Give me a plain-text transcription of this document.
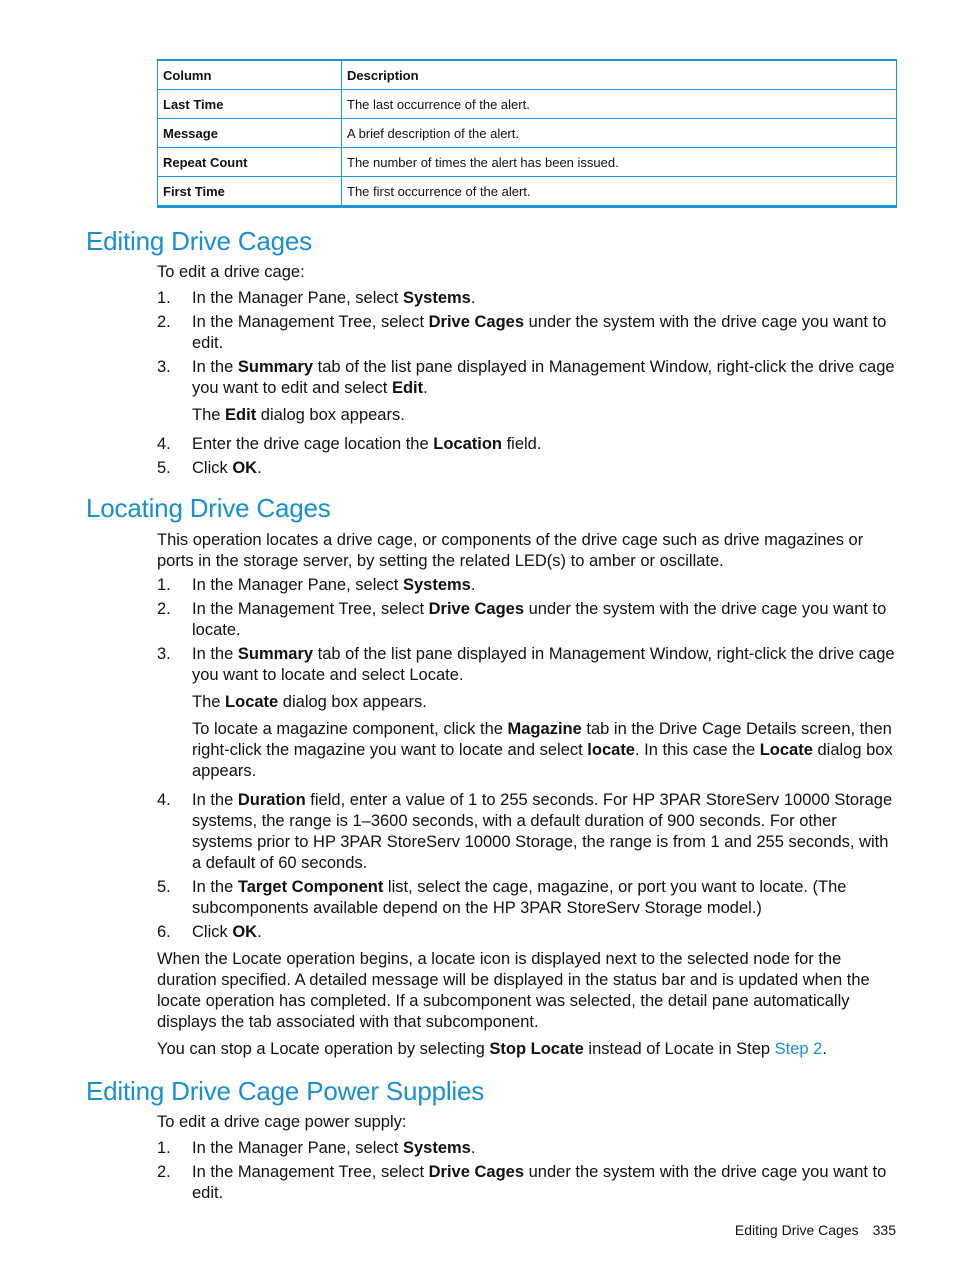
Column	Description
Last Time	The last occurrence of the alert.
Message	A brief description of the alert.
Repeat Count	The number of times the alert has been issued.
First Time	The first occurrence of the alert.
Editing Drive Cages

To edit a drive cage:

1. In the Manager Pane, select Systems.
2. In the Management Tree, select Drive Cages under the system with the drive cage you want to edit.
3. In the Summary tab of the list pane displayed in Management Window, right-click the drive cage you want to edit and select Edit.
The Edit dialog box appears.
4. Enter the drive cage location the Location field.
5. Click OK.
Locating Drive Cages

This operation locates a drive cage, or components of the drive cage such as drive magazines or ports in the storage server, by setting the related LED(s) to amber or oscillate.

1. In the Manager Pane, select Systems.
2. In the Management Tree, select Drive Cages under the system with the drive cage you want to locate.
3. In the Summary tab of the list pane displayed in Management Window, right-click the drive cage you want to locate and select Locate.
The Locate dialog box appears.
To locate a magazine component, click the Magazine tab in the Drive Cage Details screen, then right-click the magazine you want to locate and select locate. In this case the Locate dialog box appears.
4. In the Duration field, enter a value of 1 to 255 seconds. For HP 3PAR StoreServ 10000 Storage systems, the range is 1–3600 seconds, with a default duration of 900 seconds. For other systems prior to HP 3PAR StoreServ 10000 Storage, the range is from 1 and 255 seconds, with a default of 60 seconds.
5. In the Target Component list, select the cage, magazine, or port you want to locate. (The subcomponents available depend on the HP 3PAR StoreServ Storage model.)
6. Click OK.

When the Locate operation begins, a locate icon is displayed next to the selected node for the duration specified. A detailed message will be displayed in the status bar and is updated when the locate operation has completed. If a subcomponent was selected, the detail pane automatically displays the tab associated with that subcomponent.

You can stop a Locate operation by selecting Stop Locate instead of Locate in Step Step 2.

Editing Drive Cage Power Supplies

To edit a drive cage power supply:

1. In the Manager Pane, select Systems.
2. In the Management Tree, select Drive Cages under the system with the drive cage you want to edit.
Editing Drive Cages 335
